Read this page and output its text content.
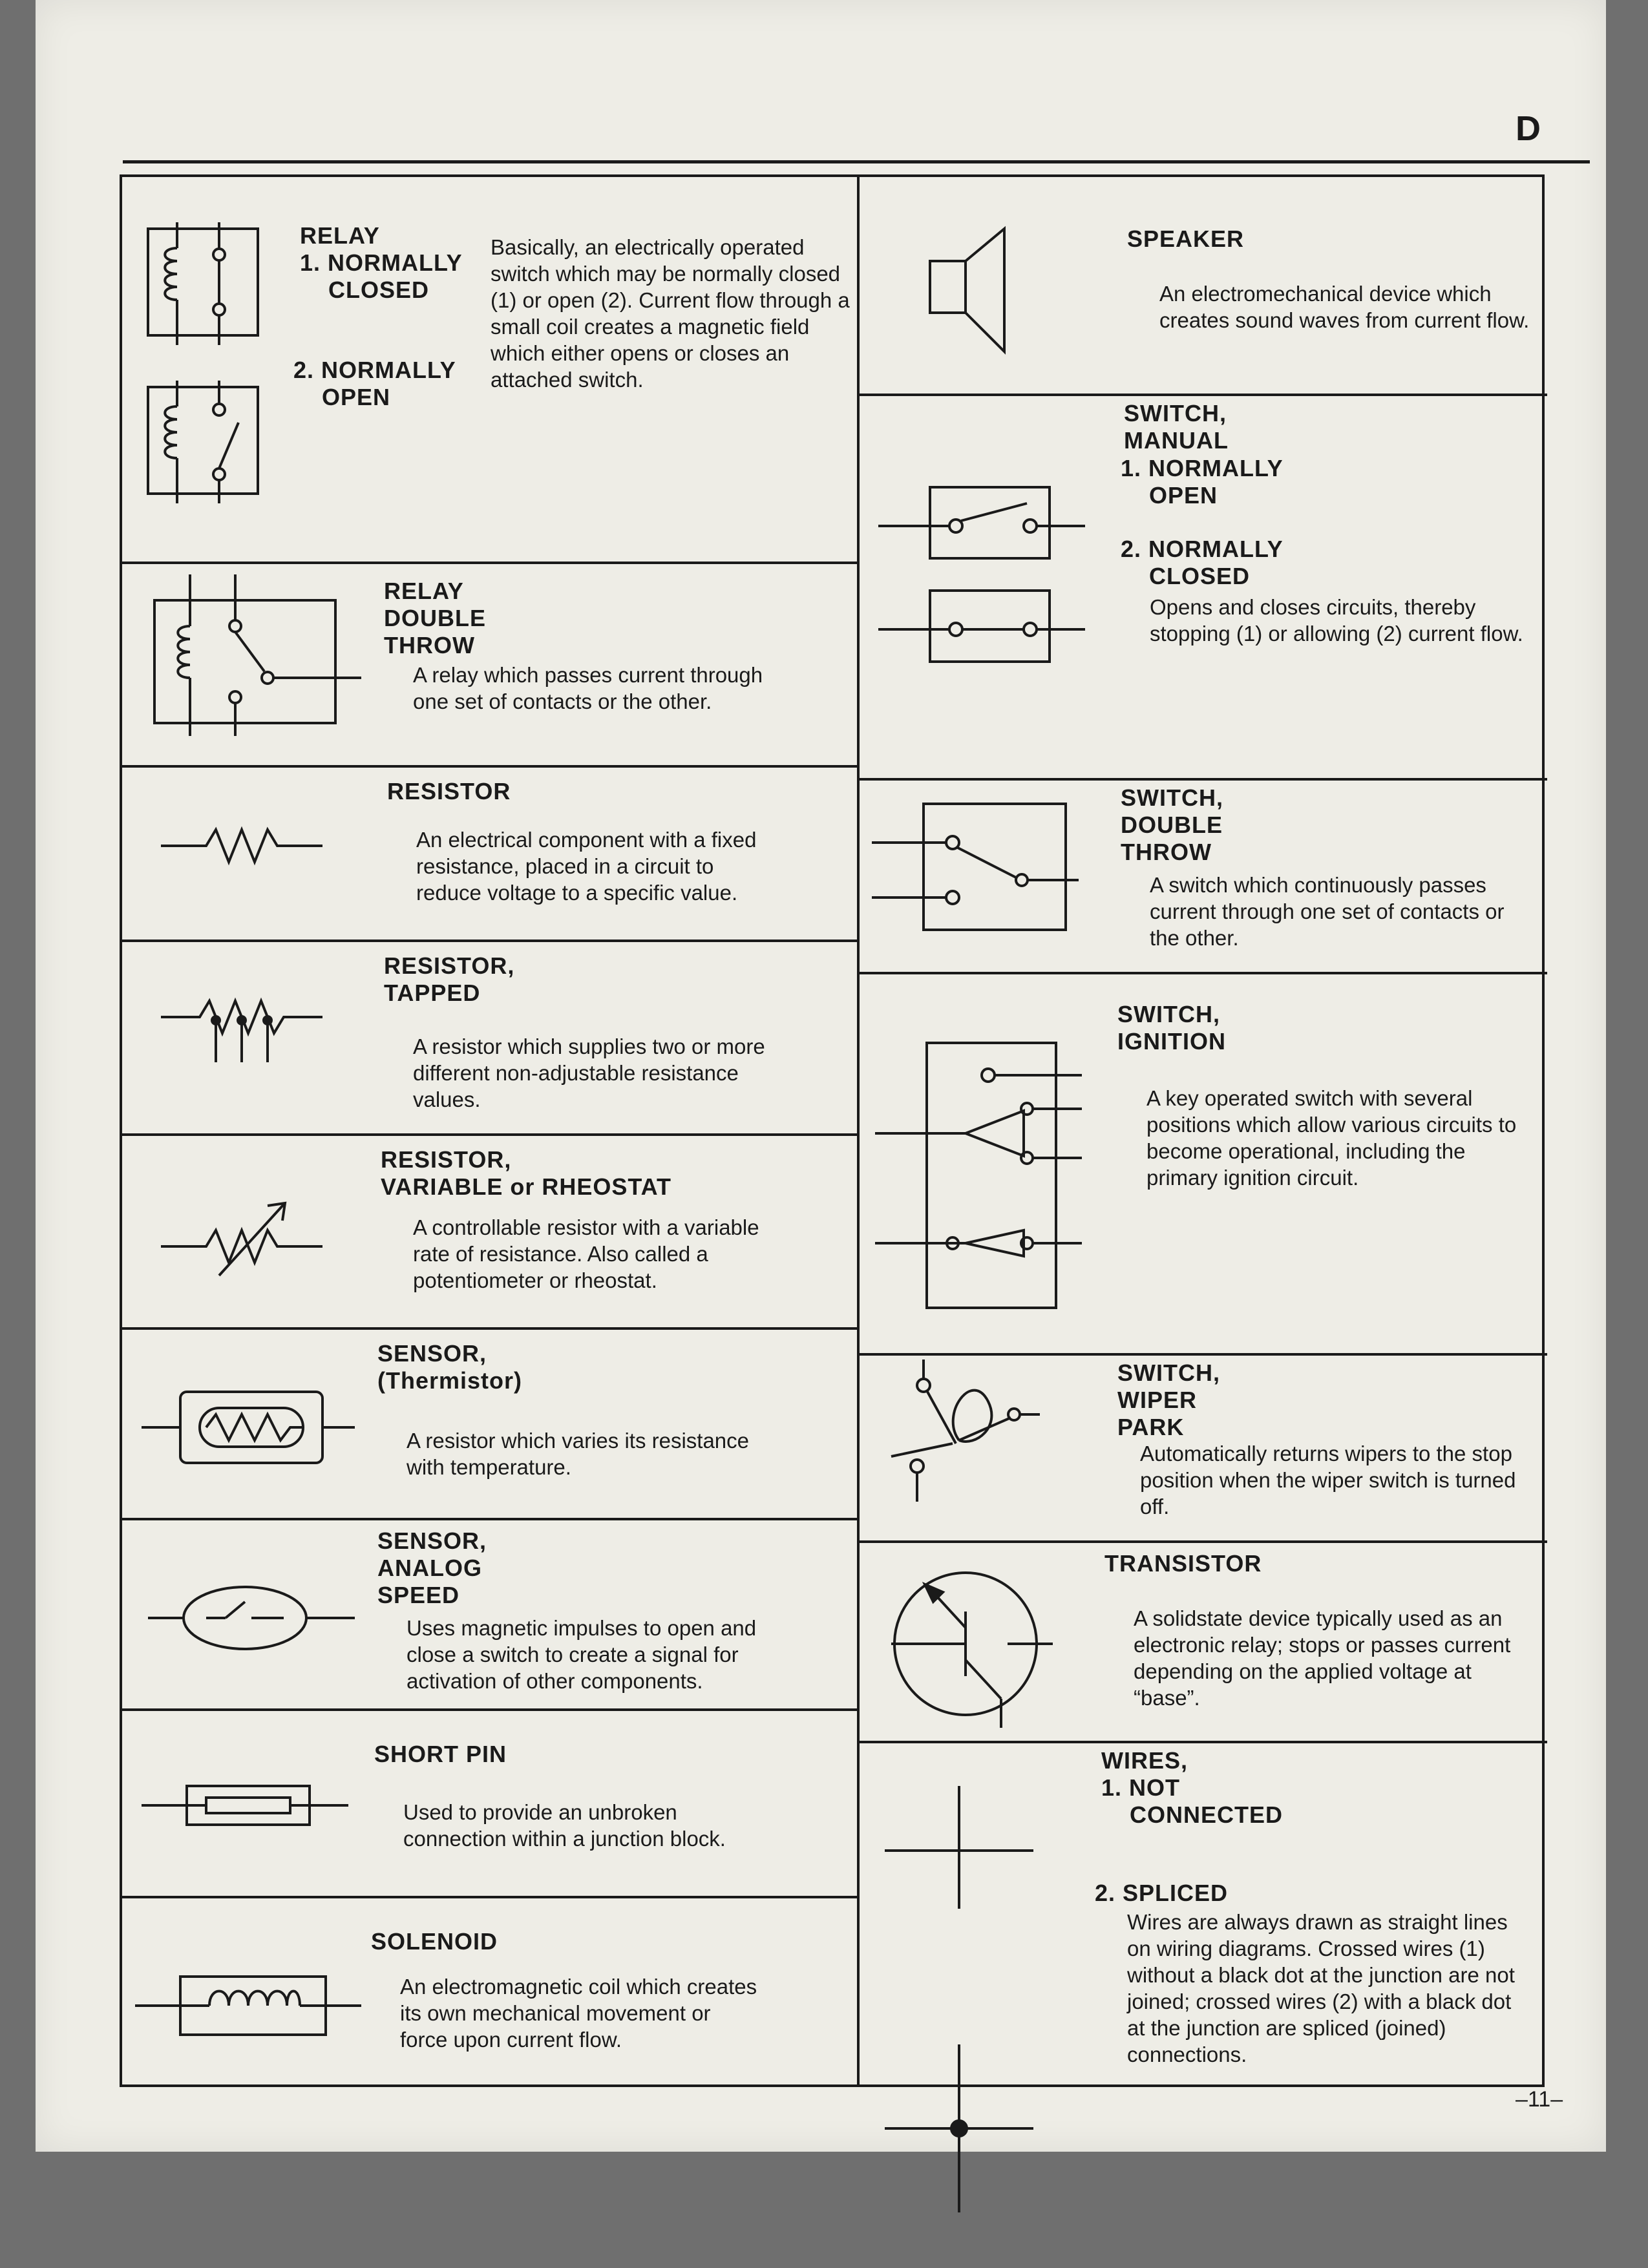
D
RELAY
1. NORMALLY
CLOSED
2. NORMALLY
OPEN
Basically, an electrically operated switch which may be normally closed (1) or open (2). Current flow through a small coil creates a magnetic field which either opens or closes an attached switch.
RELAY
DOUBLE
THROW
A relay which passes current through one set of contacts or the other.
RESISTOR
An electrical component with a fixed resistance, placed in a circuit to reduce voltage to a specific value.
RESISTOR,
TAPPED
A resistor which supplies two or more different non-adjustable resistance values.
RESISTOR,
VARIABLE or RHEOSTAT
A controllable resistor with a variable rate of resistance. Also called a potentiometer or rheostat.
SENSOR,
(Thermistor)
A resistor which varies its resistance with temperature.
SENSOR,
ANALOG
SPEED
Uses magnetic impulses to open and close a switch to create a signal for activation of other components.
SHORT PIN
Used to provide an unbroken connection within a junction block.
SOLENOID
An electromagnetic coil which creates its own mechanical movement or force upon current flow.
SPEAKER
An electromechanical device which creates sound waves from current flow.
SWITCH,
MANUAL
1. NORMALLY
OPEN
2. NORMALLY
CLOSED
Opens and closes circuits, thereby stopping (1) or allowing (2) current flow.
SWITCH,
DOUBLE
THROW
A switch which continuously passes current through one set of contacts or the other.
SWITCH,
IGNITION
A key operated switch with several positions which allow various circuits to become operational, including the primary ignition circuit.
SWITCH,
WIPER
PARK
Automatically returns wipers to the stop position when the wiper switch is turned off.
TRANSISTOR
A solidstate device typically used as an electronic relay; stops or passes current depending on the applied voltage at “base”.
WIRES,
1. NOT
CONNECTED
2. SPLICED
Wires are always drawn as straight lines on wiring diagrams. Crossed wires (1) without a black dot at the junction are not joined; crossed wires (2) with a black dot at the junction are spliced (joined) connections.
–11–
